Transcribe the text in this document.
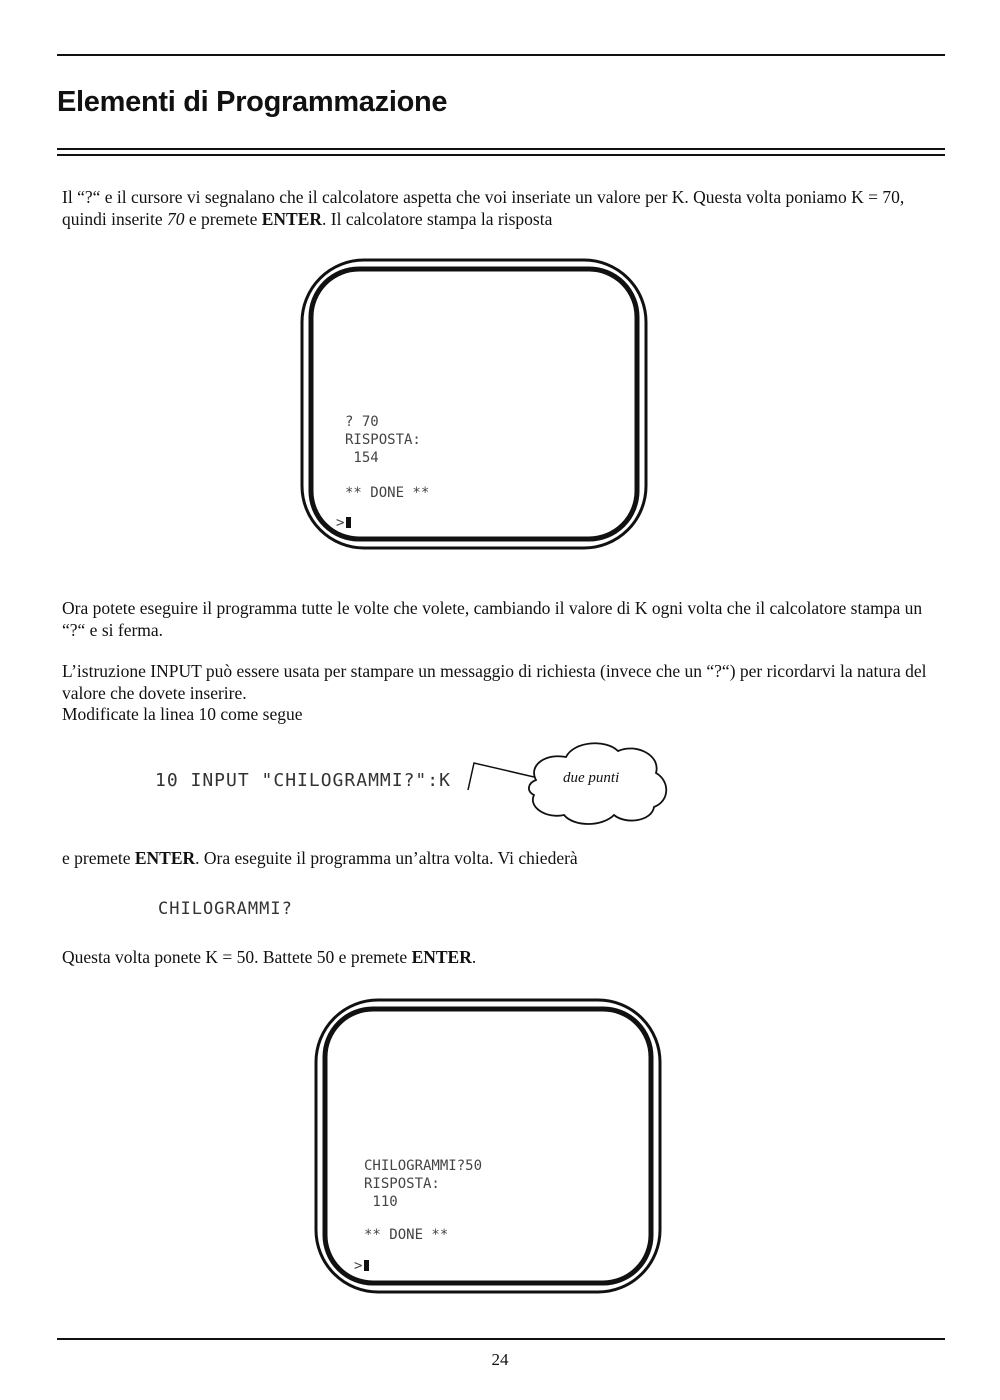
Elementi di Programmazione

Il “?“ e il cursore vi segnalano che il calcolatore aspetta che voi inseriate un valore per K. Questa volta poniamo K = 70, quindi inserite 70 e premete ENTER. Il calcolatore stampa la risposta

? 70
RISPOSTA:
154
** DONE **
>

Ora potete eseguire il programma tutte le volte che volete, cambiando il valore di K ogni volta che il calcolatore stampa un “?“ e si ferma.

L’istruzione INPUT può essere usata per stampare un messaggio di richiesta (invece che un “?“) per ricordarvi la natura del valore che dovete inserire.

Modificate la linea 10 come segue

10 INPUT "CHILOGRAMMI?":K	due punti

e premete ENTER. Ora eseguite il programma un’altra volta. Vi chiederà

CHILOGRAMMI?

Questa volta ponete K = 50. Battete 50 e premete ENTER.

CHILOGRAMMI?50
RISPOSTA:
110
** DONE **
>
24
